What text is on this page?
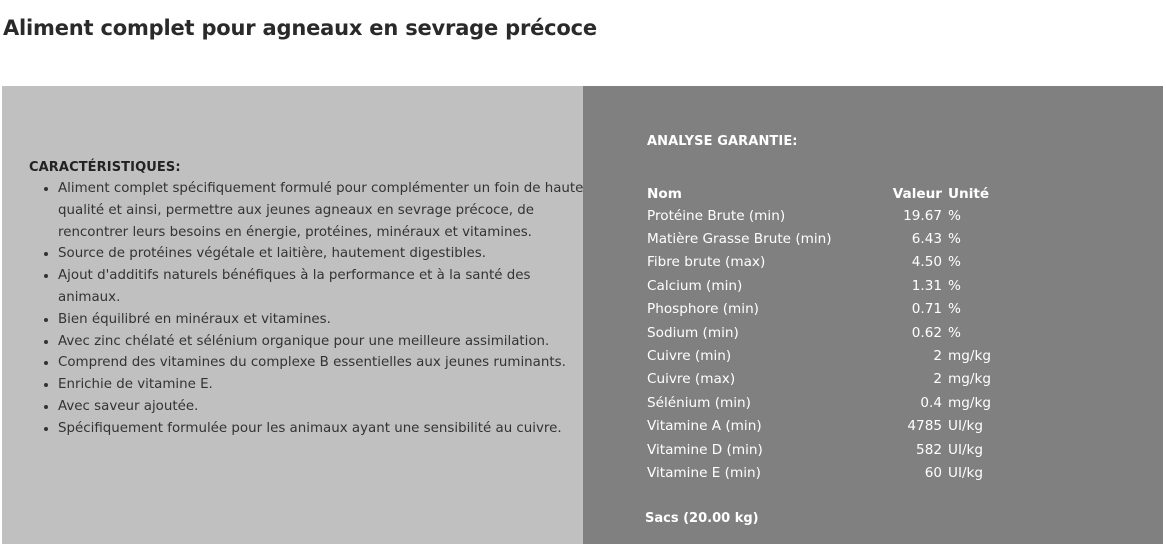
Aliment complet pour agneaux en sevrage précoce
CARACTÉRISTIQUES:
• Aliment complet spécifiquement formulé pour complémenter un foin de haute qualité et ainsi, permettre aux jeunes agneaux en sevrage précoce, de rencontrer leurs besoins en énergie, protéines, minéraux et vitamines.
• Source de protéines végétale et laitière, hautement digestibles.
• Ajout d'additifs naturels bénéfiques à la performance et à la santé des animaux.
• Bien équilibré en minéraux et vitamines.
• Avec zinc chélaté et sélénium organique pour une meilleure assimilation.
• Comprend des vitamines du complexe B essentielles aux jeunes ruminants.
• Enrichie de vitamine E.
• Avec saveur ajoutée.
• Spécifiquement formulée pour les animaux ayant une sensibilité au cuivre.
ANALYSE GARANTIE:
Nom	Valeur	Unité
Protéine Brute (min)	19.67	%
Matière Grasse Brute (min)	6.43	%
Fibre brute (max)	4.50	%
Calcium (min)	1.31	%
Phosphore (min)	0.71	%
Sodium (min)	0.62	%
Cuivre (min)	2	mg/kg
Cuivre (max)	2	mg/kg
Sélénium (min)	0.4	mg/kg
Vitamine A (min)	4785	UI/kg
Vitamine D (min)	582	UI/kg
Vitamine E (min)	60	UI/kg
Sacs (20.00 kg)
